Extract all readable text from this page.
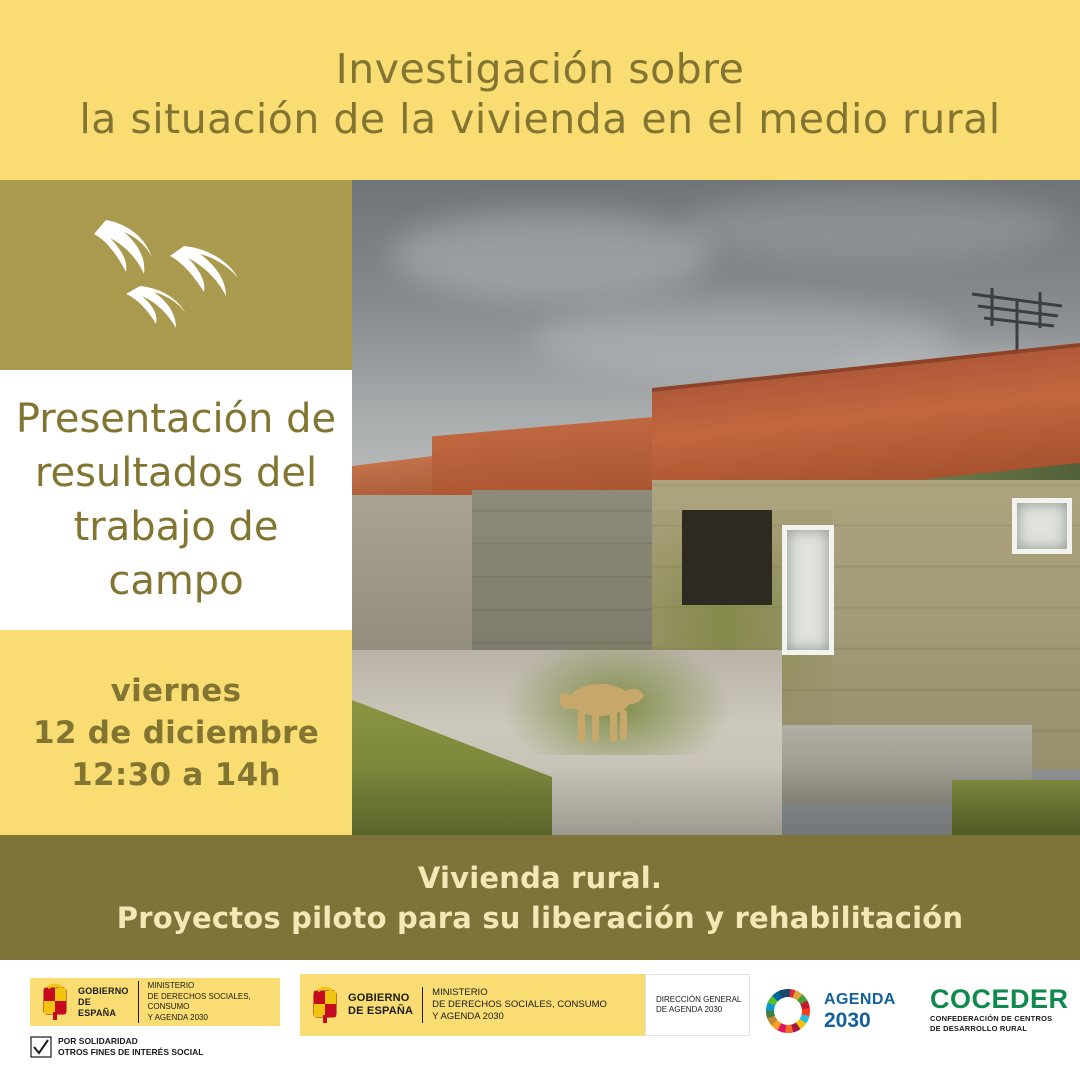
Investigación sobre
la situación de la vivienda en el medio rural
Presentación de resultados del trabajo de campo
viernes
12 de diciembre
12:30 a 14h
Vivienda rural.
Proyectos piloto para su liberación y rehabilitación
GOBIERNO
DE ESPAÑA
MINISTERIO
DE DERECHOS SOCIALES, CONSUMO
Y AGENDA 2030
POR SOLIDARIDAD
OTROS FINES DE INTERÉS SOCIAL
GOBIERNO
DE ESPAÑA
MINISTERIO
DE DERECHOS SOCIALES, CONSUMO
Y AGENDA 2030
DIRECCIÓN GENERAL
DE AGENDA 2030
AGENDA
2030
COCEDER
CONFEDERACIÓN DE CENTROS
DE DESARROLLO RURAL
